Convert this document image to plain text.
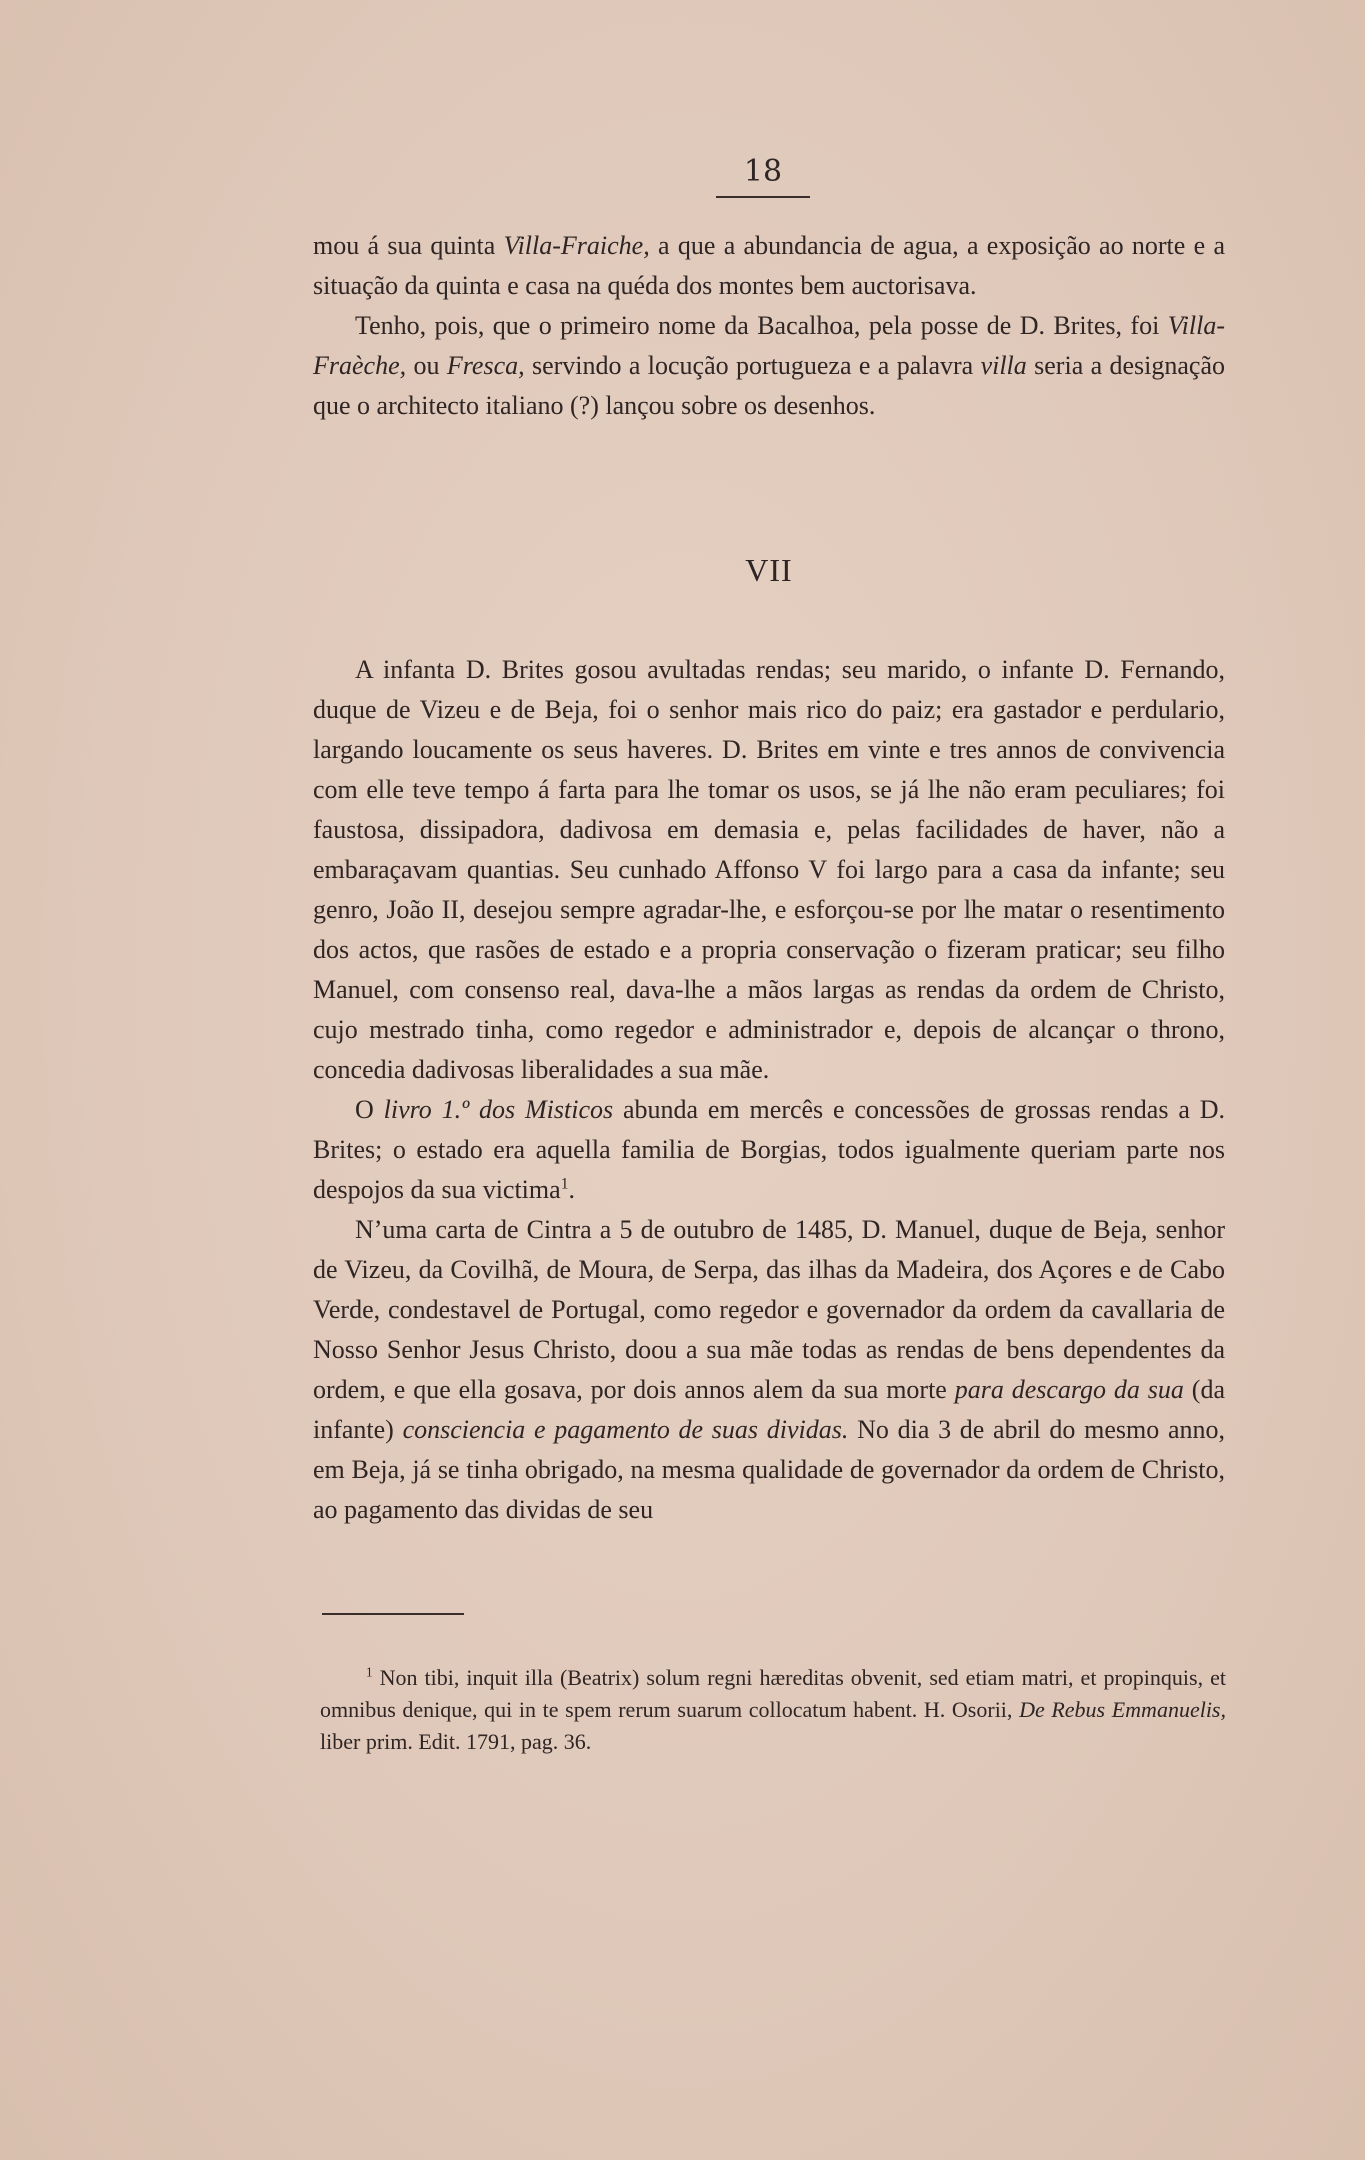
18

mou á sua quinta Villa-Fraiche, a que a abundancia de agua, a exposição ao norte e a situação da quinta e casa na quéda dos montes bem auctorisava.

Tenho, pois, que o primeiro nome da Bacalhoa, pela posse de D. Brites, foi Villa-Fraèche, ou Fresca, servindo a locução portugueza e a palavra villa seria a designação que o architecto italiano (?) lançou sobre os desenhos.

VII

A infanta D. Brites gosou avultadas rendas; seu marido, o infante D. Fernando, duque de Vizeu e de Beja, foi o senhor mais rico do paiz; era gastador e perdulario, largando loucamente os seus haveres. D. Brites em vinte e tres annos de convivencia com elle teve tempo á farta para lhe tomar os usos, se já lhe não eram peculiares; foi faustosa, dissipadora, dadivosa em demasia e, pelas facilidades de haver, não a embaraçavam quantias. Seu cunhado Affonso V foi largo para a casa da infante; seu genro, João II, desejou sempre agradar-lhe, e esforçou-se por lhe matar o resentimento dos actos, que rasões de estado e a propria conservação o fizeram praticar; seu filho Manuel, com consenso real, dava-lhe a mãos largas as rendas da ordem de Christo, cujo mestrado tinha, como regedor e administrador e, depois de alcançar o throno, concedia dadivosas liberalidades a sua mãe.

O livro 1.º dos Misticos abunda em mercês e concessões de grossas rendas a D. Brites; o estado era aquella familia de Borgias, todos igualmente queriam parte nos despojos da sua victima$^1$.

N’uma carta de Cintra a 5 de outubro de 1485, D. Manuel, duque de Beja, senhor de Vizeu, da Covilhã, de Moura, de Serpa, das ilhas da Madeira, dos Açores e de Cabo Verde, condestavel de Portugal, como regedor e governador da ordem da cavallaria de Nosso Senhor Jesus Christo, doou a sua mãe todas as rendas de bens dependentes da ordem, e que ella gosava, por dois annos alem da sua morte para descargo da sua (da infante) consciencia e pagamento de suas dividas. No dia 3 de abril do mesmo anno, em Beja, já se tinha obrigado, na mesma qualidade de governador da ordem de Christo, ao pagamento das dividas de seu

$^1$ Non tibi, inquit illa (Beatrix) solum regni hæreditas obvenit, sed etiam matri, et propinquis, et omnibus denique, qui in te spem rerum suarum collocatum habent. H. Osorii, De Rebus Emmanuelis, liber prim. Edit. 1791, pag. 36.
